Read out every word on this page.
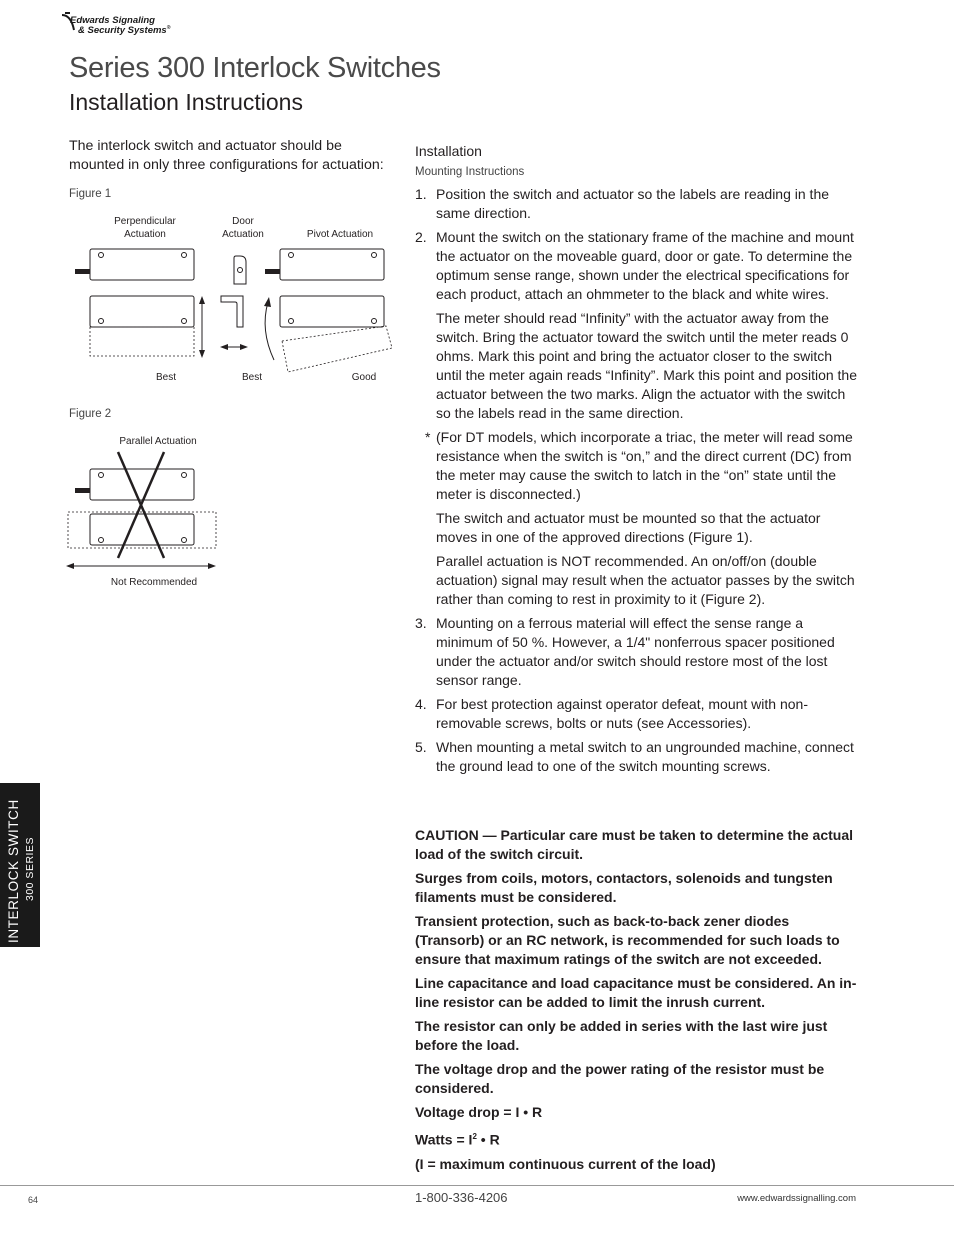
Edwards Signaling
& Security Systems®
Series 300 Interlock Switches
Installation Instructions
The interlock switch and actuator should be mounted in only three configurations for actuation:
Figure 1
Perpendicular
Actuation
Door
Actuation	Pivot Actuation
Best	Best	Good
Figure 2
Parallel Actuation
Not Recommended

Installation

Mounting Instructions

1. Position the switch and actuator so the labels are reading in the same direction.

2. Mount the switch on the stationary frame of the machine and mount the actuator on the moveable guard, door or gate. To determine the optimum sense range, shown under the electrical specifications for each product, attach an ohmmeter to the black and white wires.

The meter should read “Infinity” with the actuator away from the switch. Bring the actuator toward the switch until the meter reads 0 ohms. Mark this point and bring the actuator closer to the switch until the meter again reads “Infinity”. Mark this point and position the actuator between the two marks. Align the actuator with the switch so the labels read in the same direction.

* (For DT models, which incorporate a triac, the meter will read some resistance when the switch is “on,” and the direct current (DC) from the meter may cause the switch to latch in the “on” state until the meter is disconnected.)

The switch and actuator must be mounted so that the actuator moves in one of the approved directions (Figure 1).

Parallel actuation is NOT recommended. An on/off/on (double actuation) signal may result when the actuator passes by the switch rather than coming to rest in proximity to it (Figure 2).

3. Mounting on a ferrous material will effect the sense range a minimum of 50 %. However, a 1/4" nonferrous spacer positioned under the actuator and/or switch should restore most of the lost sensor range.

4. For best protection against operator defeat, mount with non-removable screws, bolts or nuts (see Accessories).

5. When mounting a metal switch to an ungrounded machine, connect the ground lead to one of the switch mounting screws.

CAUTION — Particular care must be taken to determine the actual load of the switch circuit.

Surges from coils, motors, contactors, solenoids and tungsten filaments must be considered.

Transient protection, such as back-to-back zener diodes (Transorb) or an RC network, is recommended for such loads to ensure that maximum ratings of the switch are not exceeded.

Line capacitance and load capacitance must be considered. An in-line resistor can be added to limit the inrush current.

The resistor can only be added in series with the last wire just before the load.

The voltage drop and the power rating of the resistor must be considered.

Voltage drop = I • R

Watts = $I^2$ • R

(I = maximum continuous current of the load)

INTERLOCK SWITCH 300 SERIES
64	1-800-336-4206	www.edwardssignalling.com
